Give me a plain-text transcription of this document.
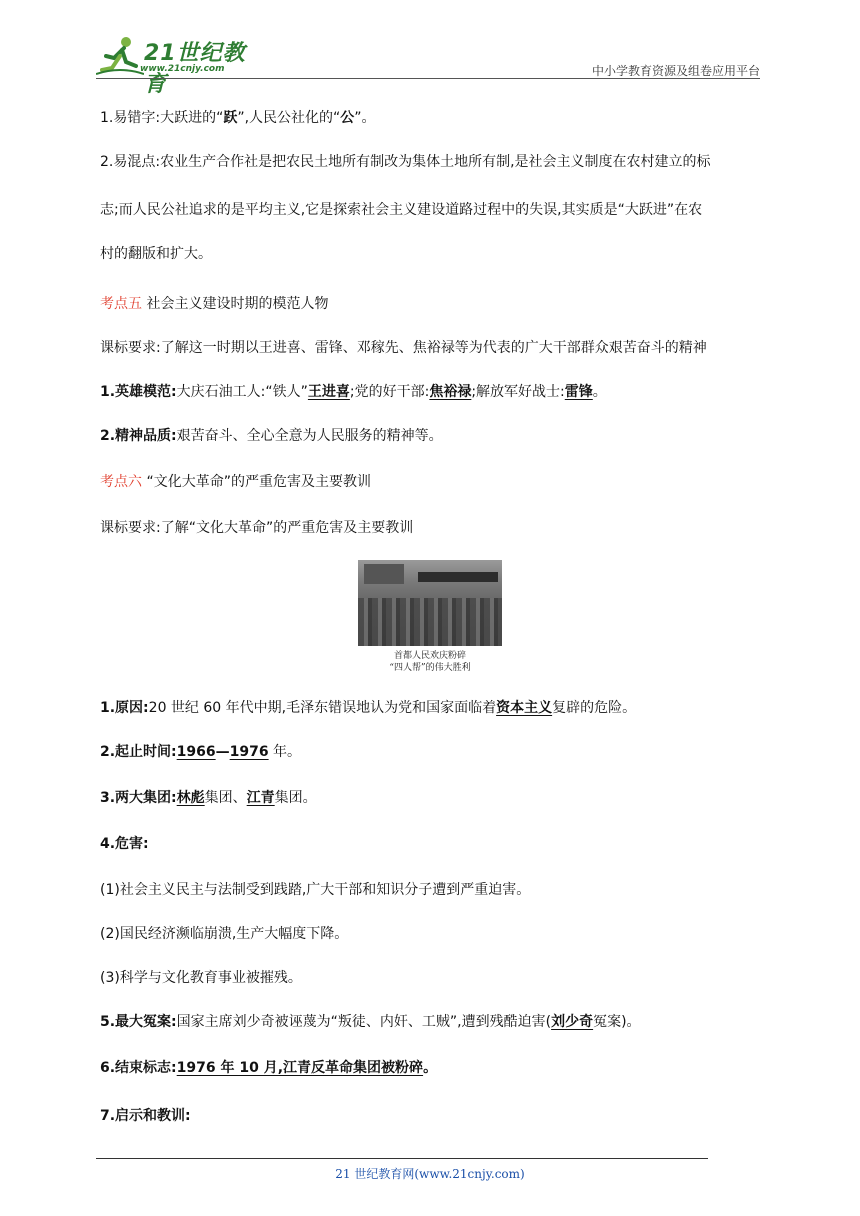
21世纪教育
www.21cnjy.com	中小学教育资源及组卷应用平台

1.易错字:大跃进的“跃”,人民公社化的“公”。

2.易混点:农业生产合作社是把农民土地所有制改为集体土地所有制,是社会主义制度在农村建立的标

志;而人民公社追求的是平均主义,它是探索社会主义建设道路过程中的失误,其实质是“大跃进”在农

村的翻版和扩大。

考点五 社会主义建设时期的模范人物

课标要求:了解这一时期以王进喜、雷锋、邓稼先、焦裕禄等为代表的广大干部群众艰苦奋斗的精神

1.英雄模范:大庆石油工人:“铁人”王进喜;党的好干部:焦裕禄;解放军好战士:雷锋。

2.精神品质:艰苦奋斗、全心全意为人民服务的精神等。

考点六 “文化大革命”的严重危害及主要教训

课标要求:了解“文化大革命”的严重危害及主要教训

1.原因:20 世纪 60 年代中期,毛泽东错误地认为党和国家面临着资本主义复辟的危险。

2.起止时间:1966—1976 年。

3.两大集团:林彪集团、江青集团。

4.危害:

(1)社会主义民主与法制受到践踏,广大干部和知识分子遭到严重迫害。

(2)国民经济濒临崩溃,生产大幅度下降。

(3)科学与文化教育事业被摧残。

5.最大冤案:国家主席刘少奇被诬蔑为“叛徒、内奸、工贼”,遭到残酷迫害(刘少奇冤案)。

6.结束标志:1976 年 10 月,江青反革命集团被粉碎。

7.启示和教训:

首都人民欢庆粉碎
“四人帮”的伟大胜利
21 世纪教育网(www.21cnjy.com)
